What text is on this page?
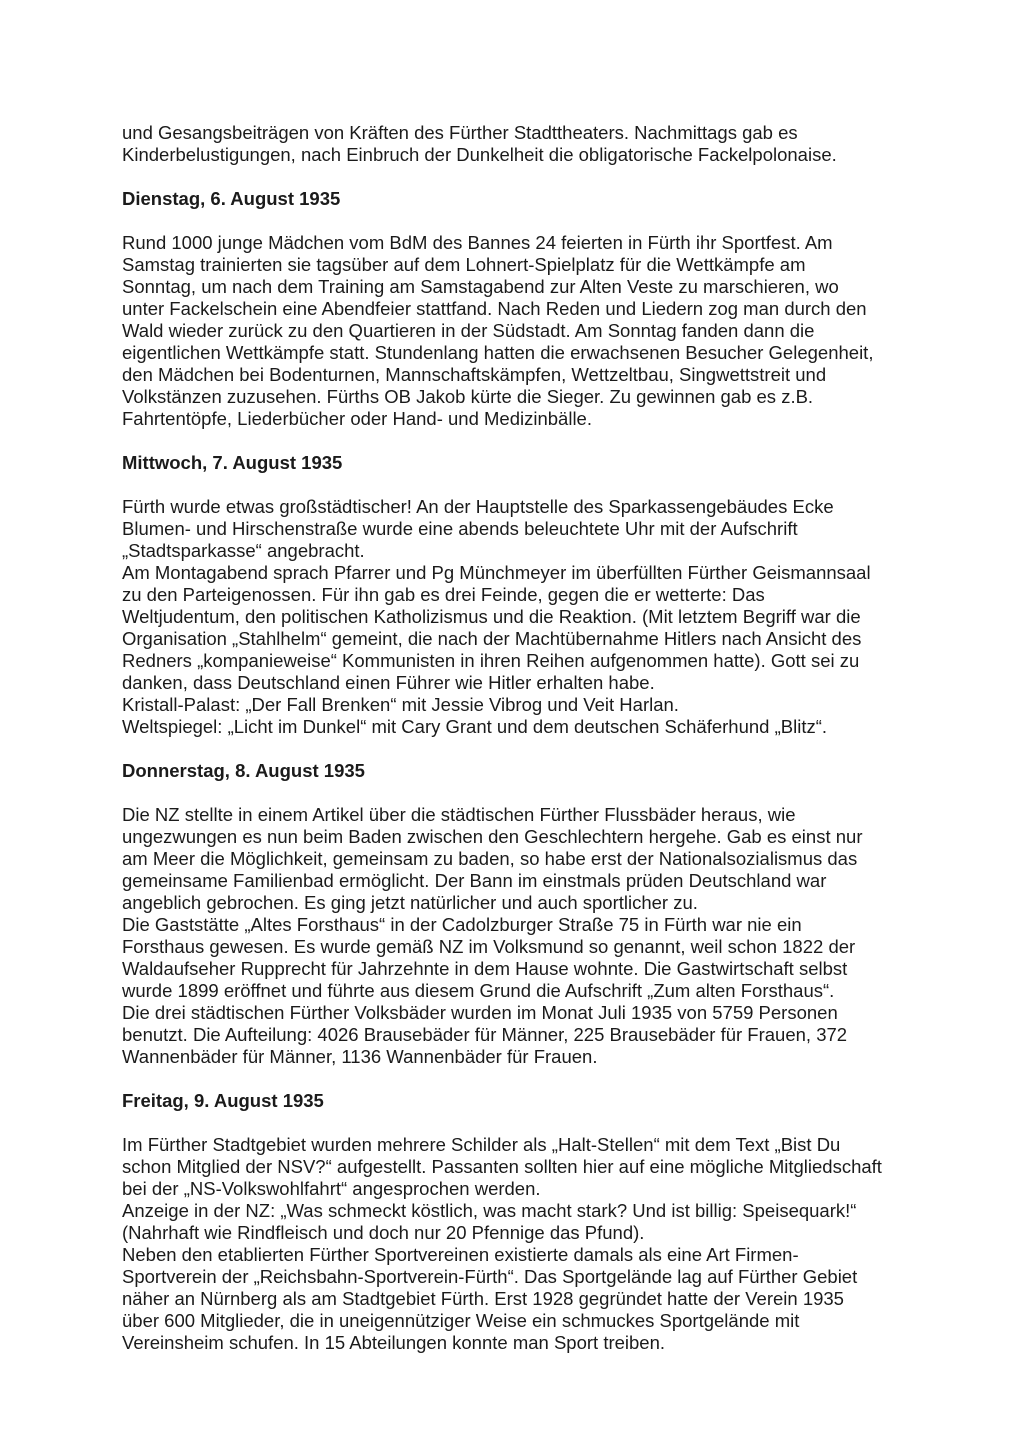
und Gesangsbeiträgen von Kräften des Fürther Stadttheaters. Nachmittags gab es
Kinderbelustigungen, nach Einbruch der Dunkelheit die obligatorische Fackelpolonaise.
Dienstag, 6. August 1935
Rund 1000 junge Mädchen vom BdM des Bannes 24 feierten in Fürth ihr Sportfest. Am
Samstag trainierten sie tagsüber auf dem Lohnert-Spielplatz für die Wettkämpfe am
Sonntag, um nach dem Training am Samstagabend zur Alten Veste zu marschieren, wo
unter Fackelschein eine Abendfeier stattfand. Nach Reden und Liedern zog man durch den
Wald wieder zurück zu den Quartieren in der Südstadt. Am Sonntag fanden dann die
eigentlichen Wettkämpfe statt. Stundenlang hatten die erwachsenen Besucher Gelegenheit,
den Mädchen bei Bodenturnen, Mannschaftskämpfen, Wettzeltbau, Singwettstreit und
Volkstänzen zuzusehen. Fürths OB Jakob kürte die Sieger. Zu gewinnen gab es z.B.
Fahrtentöpfe, Liederbücher oder Hand- und Medizinbälle.
Mittwoch, 7. August 1935
Fürth wurde etwas großstädtischer! An der Hauptstelle des Sparkassengebäudes Ecke
Blumen- und Hirschenstraße wurde eine abends beleuchtete Uhr mit der Aufschrift
„Stadtsparkasse“ angebracht.
Am Montagabend sprach Pfarrer und Pg Münchmeyer im überfüllten Fürther Geismannsaal
zu den Parteigenossen. Für ihn gab es drei Feinde, gegen die er wetterte: Das
Weltjudentum, den politischen Katholizismus und die Reaktion. (Mit letztem Begriff war die
Organisation „Stahlhelm“ gemeint, die nach der Machtübernahme Hitlers nach Ansicht des
Redners „kompanieweise“ Kommunisten in ihren Reihen aufgenommen hatte). Gott sei zu
danken, dass Deutschland einen Führer wie Hitler erhalten habe.
Kristall-Palast: „Der Fall Brenken“ mit Jessie Vibrog und Veit Harlan.
Weltspiegel: „Licht im Dunkel“ mit Cary Grant und dem deutschen Schäferhund „Blitz“.
Donnerstag, 8. August 1935
Die NZ stellte in einem Artikel über die städtischen Fürther Flussbäder heraus, wie
ungezwungen es nun beim Baden zwischen den Geschlechtern hergehe. Gab es einst nur
am Meer die Möglichkeit, gemeinsam zu baden, so habe erst der Nationalsozialismus das
gemeinsame Familienbad ermöglicht. Der Bann im einstmals prüden Deutschland war
angeblich gebrochen. Es ging jetzt natürlicher und auch sportlicher zu.
Die Gaststätte „Altes Forsthaus“ in der Cadolzburger Straße 75 in Fürth war nie ein
Forsthaus gewesen. Es wurde gemäß NZ im Volksmund so genannt, weil schon 1822 der
Waldaufseher Rupprecht für Jahrzehnte in dem Hause wohnte. Die Gastwirtschaft selbst
wurde 1899 eröffnet und führte aus diesem Grund die Aufschrift „Zum alten Forsthaus“.
Die drei städtischen Fürther Volksbäder wurden im Monat Juli 1935 von 5759 Personen
benutzt. Die Aufteilung: 4026 Brausebäder für Männer, 225 Brausebäder für Frauen, 372
Wannenbäder für Männer, 1136 Wannenbäder für Frauen.
Freitag, 9. August 1935
Im Fürther Stadtgebiet wurden mehrere Schilder als „Halt-Stellen“ mit dem Text „Bist Du
schon Mitglied der NSV?“ aufgestellt. Passanten sollten hier auf eine mögliche Mitgliedschaft
bei der „NS-Volkswohlfahrt“ angesprochen werden.
Anzeige in der NZ: „Was schmeckt köstlich, was macht stark? Und ist billig: Speisequark!“
(Nahrhaft wie Rindfleisch und doch nur 20 Pfennige das Pfund).
Neben den etablierten Fürther Sportvereinen existierte damals als eine Art Firmen-
Sportverein der „Reichsbahn-Sportverein-Fürth“. Das Sportgelände lag auf Fürther Gebiet
näher an Nürnberg als am Stadtgebiet Fürth. Erst 1928 gegründet hatte der Verein 1935
über 600 Mitglieder, die in uneigennütziger Weise ein schmuckes Sportgelände mit
Vereinsheim schufen. In 15 Abteilungen konnte man Sport treiben.
